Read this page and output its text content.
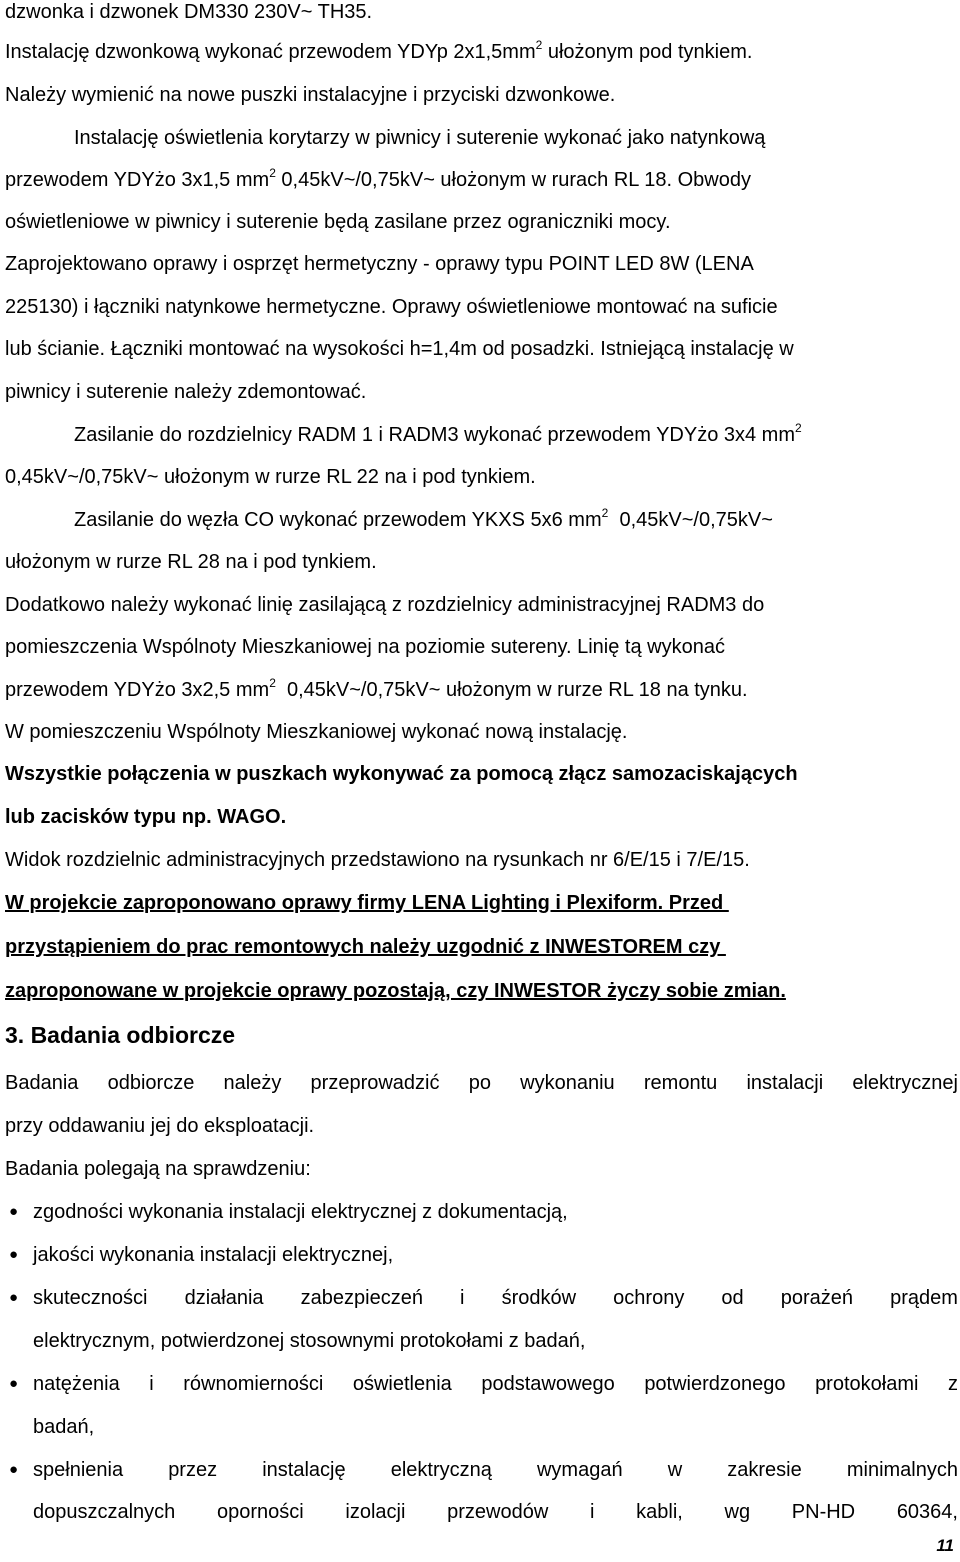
dzwonka i dzwonek DM330 230V~ TH35.
Instalację dzwonkową wykonać przewodem YDYp $2x1,5mm^2$ ułożonym pod tynkiem.
Należy wymienić na nowe puszki instalacyjne i przyciski dzwonkowe.
Instalację oświetlenia korytarzy w piwnicy i suterenie wykonać jako natynkową
przewodem YDYżo 3x1,5 $mm^2$ 0,45kV~/0,75kV~ ułożonym w rurach RL 18. Obwody
oświetleniowe w piwnicy i suterenie będą zasilane przez ograniczniki mocy.
Zaprojektowano oprawy i osprzęt hermetyczny - oprawy typu POINT LED 8W (LENA
225130) i łączniki natynkowe hermetyczne. Oprawy oświetleniowe montować na suficie
lub ścianie. Łączniki montować na wysokości h=1,4m od posadzki. Istniejącą instalację w
piwnicy i suterenie należy zdemontować.
Zasilanie do rozdzielnicy RADM 1 i RADM3 wykonać przewodem YDYżo 3x4 $mm^2$
0,45kV~/0,75kV~ ułożonym w rurze RL 22 na i pod tynkiem.
Zasilanie do węzła CO wykonać przewodem YKXS 5x6 $mm^2$  0,45kV~/0,75kV~
ułożonym w rurze RL 28 na i pod tynkiem.
Dodatkowo należy wykonać linię zasilającą z rozdzielnicy administracyjnej RADM3 do
pomieszczenia Wspólnoty Mieszkaniowej na poziomie sutereny. Linię tą wykonać
przewodem YDYżo 3x2,5 $mm^2$  0,45kV~/0,75kV~ ułożonym w rurze RL 18 na tynku.
W pomieszczeniu Wspólnoty Mieszkaniowej wykonać nową instalację.
Wszystkie połączenia w puszkach wykonywać za pomocą złącz samozaciskających
lub zacisków typu np. WAGO.
Widok rozdzielnic administracyjnych przedstawiono na rysunkach nr 6/E/15 i 7/E/15.
W projekcie zaproponowano oprawy firmy LENA Lighting i Plexiform. Przed
przystąpieniem do prac remontowych należy uzgodnić z INWESTOREM czy
zaproponowane w projekcie oprawy pozostają, czy INWESTOR życzy sobie zmian.
3. Badania odbiorcze
Badania odbiorcze należy przeprowadzić po wykonaniu remontu instalacji elektrycznej
przy oddawaniu jej do eksploatacji.
Badania polegają na sprawdzeniu:
● zgodności wykonania instalacji elektrycznej z dokumentacją,
● jakości wykonania instalacji elektrycznej,
● skuteczności działania zabezpieczeń i środków ochrony od porażeń prądem
elektrycznym, potwierdzonej stosownymi protokołami z badań,
● natężenia i równomierności oświetlenia podstawowego potwierdzonego protokołami z
badań,
● spełnienia przez instalację elektryczną wymagań w zakresie minimalnych
dopuszczalnych oporności izolacji przewodów i kabli, wg PN-HD 60364,
11
